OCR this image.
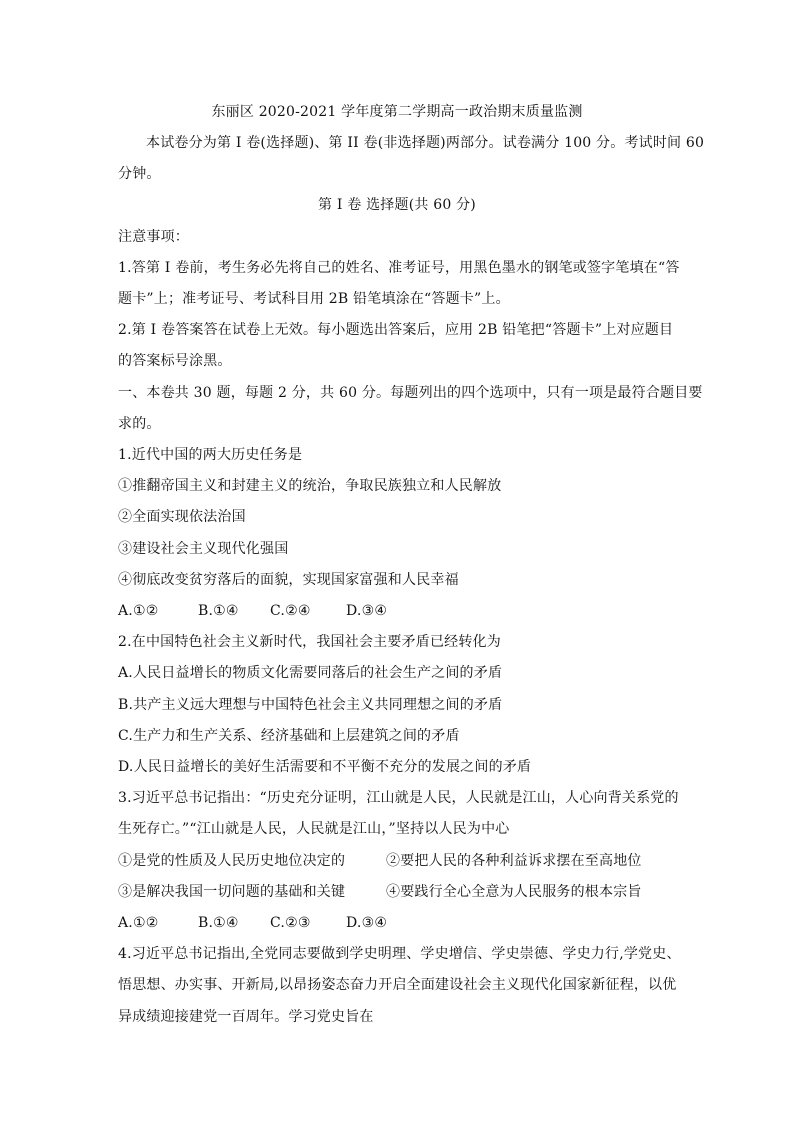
东丽区 2020-2021 学年度第二学期高一政治期末质量监测
本试卷分为第 I 卷(选择题)、第 II 卷(非选择题)两部分。试卷满分 100 分。考试时间 60
分钟。
第 I 卷 选择题(共 60 分)
注意事项：
1.答第 I 卷前，考生务必先将自己的姓名、准考证号，用黑色墨水的钢笔或签字笔填在“答
题卡”上；准考证号、考试科目用 2B 铅笔填涂在“答题卡”上。
2.第 I 卷答案答在试卷上无效。每小题选出答案后，应用 2B 铅笔把“答题卡”上对应题目
的答案标号涂黑。
一、本卷共 30 题，每题 2 分，共 60 分。每题列出的四个选项中，只有一项是最符合题目要
求的。
1.近代中国的两大历史任务是
①推翻帝国主义和封建主义的统治，争取民族独立和人民解放
②全面实现依法治国
③建设社会主义现代化强国
④彻底改变贫穷落后的面貌，实现国家富强和人民幸福
A.①②	B.①④ C.②④	D.③④
2.在中国特色社会主义新时代，我国社会主要矛盾已经转化为
A.人民日益增长的物质文化需要同落后的社会生产之间的矛盾
B.共产主义远大理想与中国特色社会主义共同理想之间的矛盾
C.生产力和生产关系、经济基础和上层建筑之间的矛盾
D.人民日益增长的美好生活需要和不平衡不充分的发展之间的矛盾
3.习近平总书记指出：“历史充分证明，江山就是人民，人民就是江山，人心向背关系党的
生死存亡。”“江山就是人民，人民就是江山，”坚持以人民为中心
①是党的性质及人民历史地位决定的	②要把人民的各种利益诉求摆在至高地位
③是解决我国一切问题的基础和关键	④要践行全心全意为人民服务的根本宗旨
A.①②	B.①④ C.②③	D.③④
4.习近平总书记指出,全党同志要做到学史明理、学史增信、学史崇德、学史力行,学党史、
悟思想、办实事、开新局,以昂扬姿态奋力开启全面建设社会主义现代化国家新征程，以优
异成绩迎接建党一百周年。学习党史旨在
